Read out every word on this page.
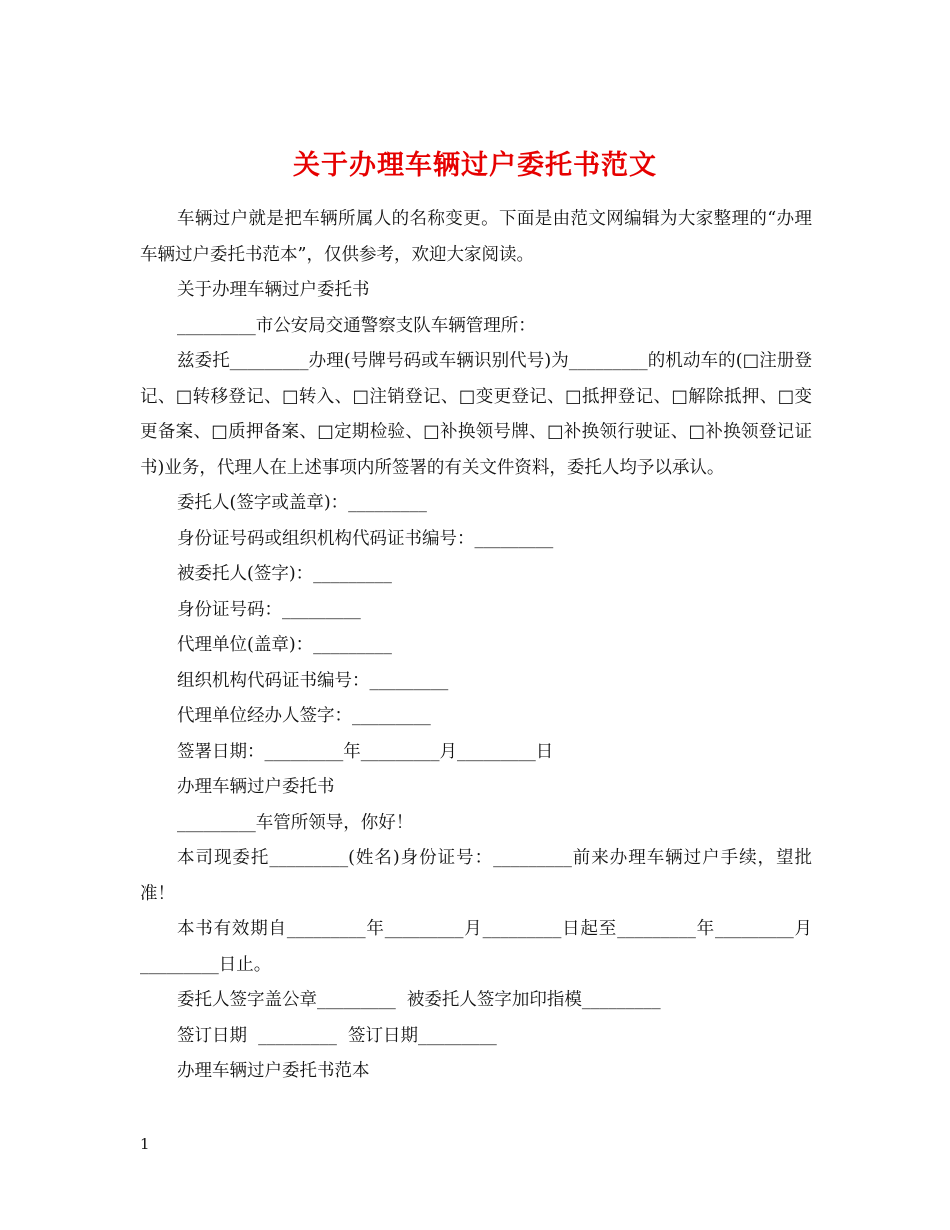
关于办理车辆过户委托书范文

车辆过户就是把车辆所属人的名称变更。下面是由范文网编辑为大家整理的“办理车辆过户委托书范本”，仅供参考，欢迎大家阅读。

关于办理车辆过户委托书

_________市公安局交通警察支队车辆管理所：

兹委托_________办理(号牌号码或车辆识别代号)为_________的机动车的(□注册登记、□转移登记、□转入、□注销登记、□变更登记、□抵押登记、□解除抵押、□变更备案、□质押备案、□定期检验、□补换领号牌、□补换领行驶证、□补换领登记证书)业务，代理人在上述事项内所签署的有关文件资料，委托人均予以承认。

委托人(签字或盖章)：_________

身份证号码或组织机构代码证书编号：_________

被委托人(签字)：_________

身份证号码：_________

代理单位(盖章)：_________

组织机构代码证书编号：_________

代理单位经办人签字：_________

签署日期：_________年_________月_________日

办理车辆过户委托书

_________车管所领导，你好！

本司现委托_________(姓名)身份证号：_________前来办理车辆过户手续，望批准！

本书有效期自_________年_________月_________日起至_________年_________月_________日止。

委托人签字盖公章_________  被委托人签字加印指模_________

签订日期  _________  签订日期_________

办理车辆过户委托书范本

1
